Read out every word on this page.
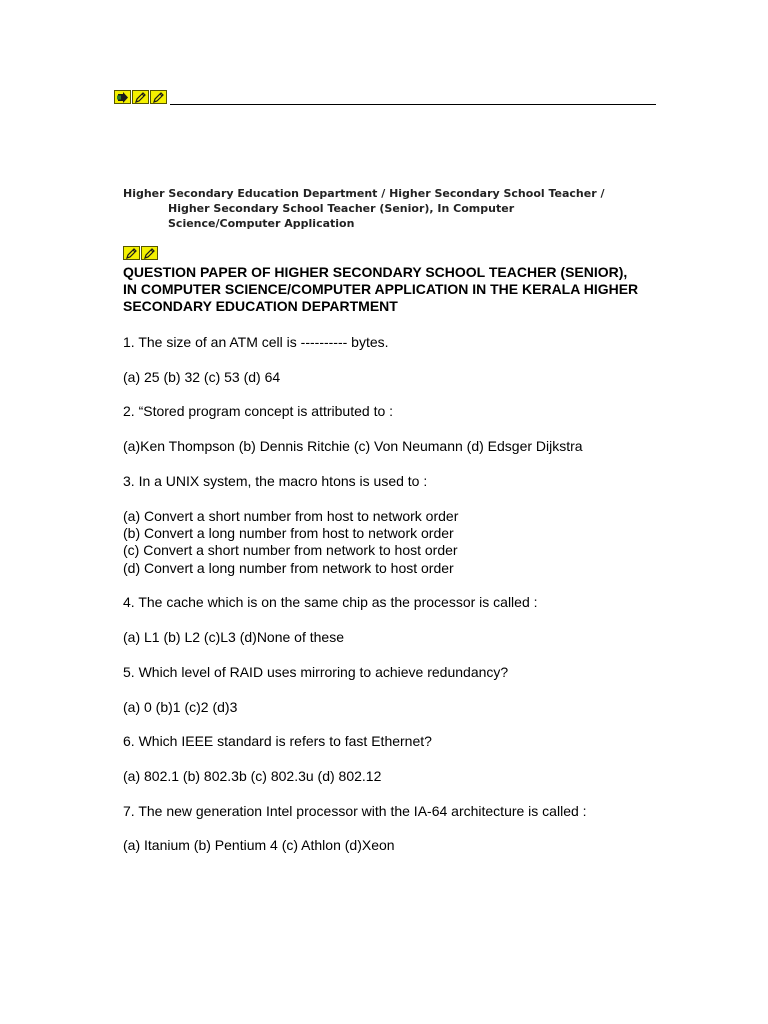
Higher Secondary Education Department / Higher Secondary School Teacher /
Higher Secondary School Teacher (Senior), In Computer
Science/Computer Application
QUESTION PAPER OF HIGHER SECONDARY SCHOOL TEACHER (SENIOR), IN COMPUTER SCIENCE/COMPUTER APPLICATION IN THE KERALA HIGHER SECONDARY EDUCATION DEPARTMENT

1. The size of an ATM cell is ---------- bytes.

(a) 25 (b) 32 (c) 53 (d) 64

2. “Stored program concept is attributed to :

(a)Ken Thompson (b) Dennis Ritchie (c) Von Neumann (d) Edsger Dijkstra

3. In a UNIX system, the macro htons is used to :

(a) Convert a short number from host to network order
(b) Convert a long number from host to network order
(c) Convert a short number from network to host order
(d) Convert a long number from network to host order

4. The cache which is on the same chip as the processor is called :

(a) L1 (b) L2 (c)L3 (d)None of these

5. Which level of RAID uses mirroring to achieve redundancy?

(a) 0 (b)1 (c)2 (d)3

6. Which IEEE standard is refers to fast Ethernet?

(a) 802.1 (b) 802.3b (c) 802.3u (d) 802.12

7. The new generation Intel processor with the IA-64 architecture is called :

(a) Itanium (b) Pentium 4 (c) Athlon (d)Xeon
